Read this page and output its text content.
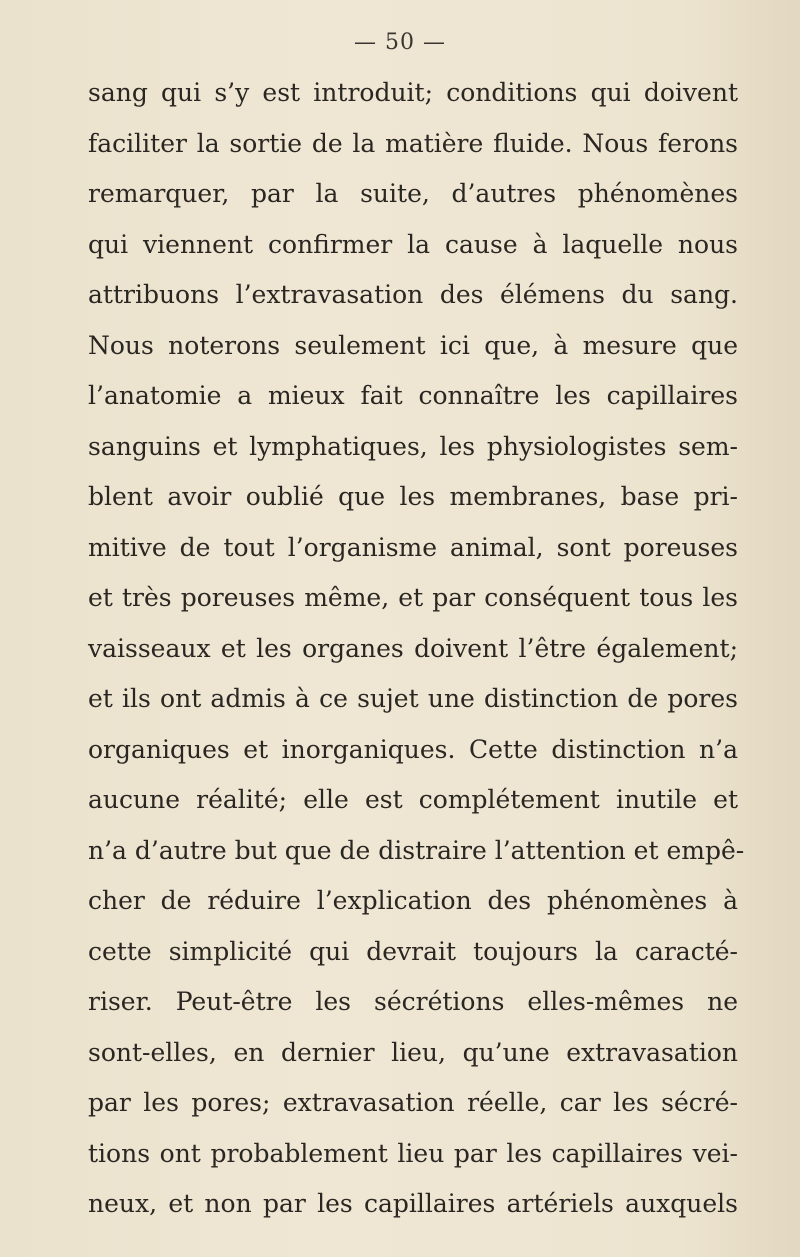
— 50 —
sang qui s’y est introduit; conditions qui doivent
faciliter la sortie de la matière fluide. Nous ferons
remarquer, par la suite, d’autres phénomènes
qui viennent confirmer la cause à laquelle nous
attribuons l’extravasation des élémens du sang.
Nous noterons seulement ici que, à mesure que
l’anatomie a mieux fait connaître les capillaires
sanguins et lymphatiques, les physiologistes sem-
blent avoir oublié que les membranes, base pri-
mitive de tout l’organisme animal, sont poreuses
et très poreuses même, et par conséquent tous les
vaisseaux et les organes doivent l’être également;
et ils ont admis à ce sujet une distinction de pores
organiques et inorganiques. Cette distinction n’a
aucune réalité; elle est complétement inutile et
n’a d’autre but que de distraire l’attention et empê-
cher de réduire l’explication des phénomènes à
cette simplicité qui devrait toujours la caracté-
riser. Peut-être les sécrétions elles-mêmes ne
sont-elles, en dernier lieu, qu’une extravasation
par les pores; extravasation réelle, car les sécré-
tions ont probablement lieu par les capillaires vei-
neux, et non par les capillaires artériels auxquels
